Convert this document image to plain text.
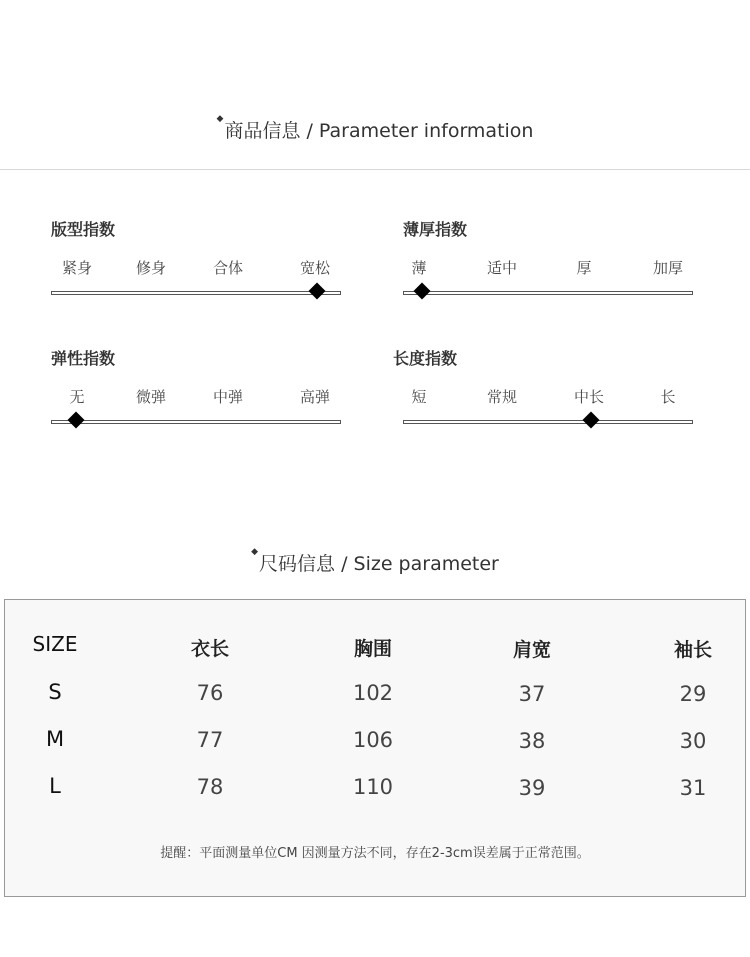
◆商品信息 / Parameter information
版型指数
紧身	修身	合体	宽松
薄厚指数
薄	适中	厚	加厚
弹性指数
无	微弹	中弹	高弹
长度指数
短	常规	中长	长
◆尺码信息 / Size parameter
SIZE	衣长	胸围	肩宽	袖长
S	76	102	37	29
M	77	106	38	30
L	78	110	39	31
提醒：平面测量单位CM 因测量方法不同，存在2-3cm误差属于正常范围。
